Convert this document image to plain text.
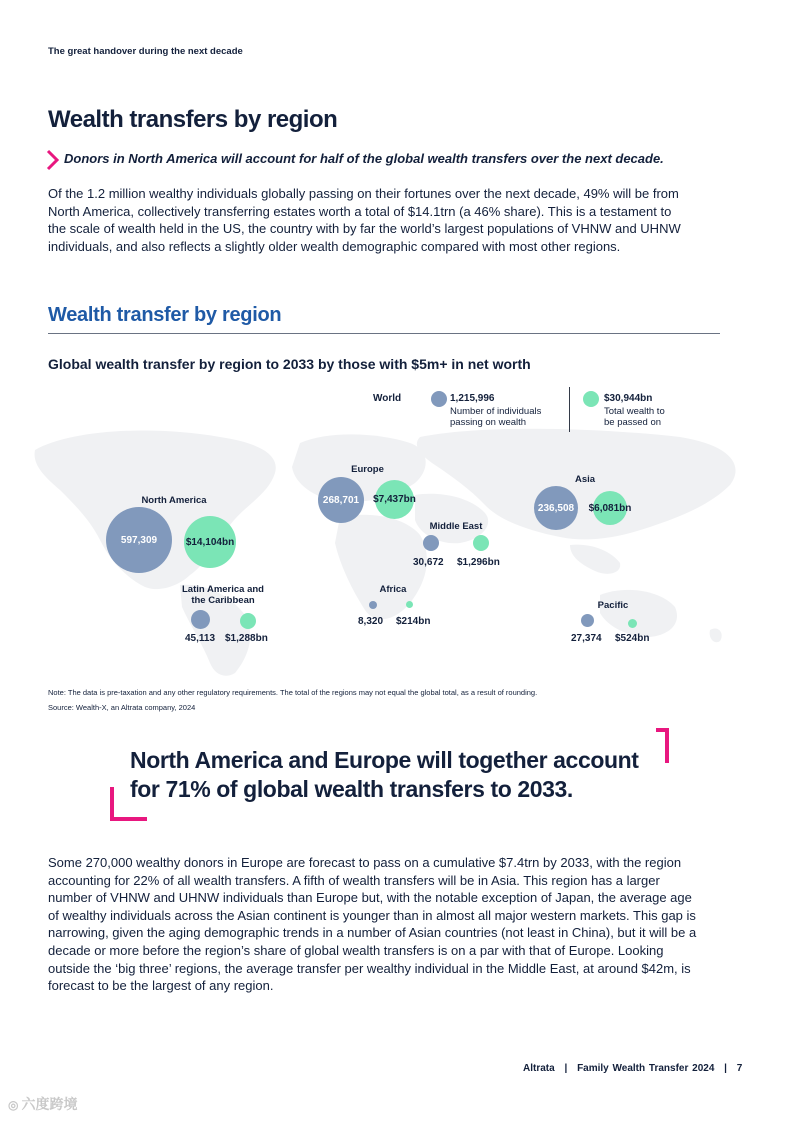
The great handover during the next decade
Wealth transfers by region
Donors in North America will account for half of the global wealth transfers over the next decade.

Of the 1.2 million wealthy individuals globally passing on their fortunes over the next decade, 49% will be from North America, collectively transferring estates worth a total of $14.1trn (a 46% share). This is a testament to the scale of wealth held in the US, the country with by far the world’s largest populations of VHNW and UHNW individuals, and also reflects a slightly older wealth demographic compared with most other regions.

Wealth transfer by region
Global wealth transfer by region to 2033 by those with $5m+ in net worth
World	1,215,996
Number of individuals
passing on wealth
$30,944bn
Total wealth to
be passed on
North America
597,309	$14,104bn
Europe
268,701 $7,437bn
Asia
236,508 $6,081bn
Middle East
30,672 $1,296bn
Latin America and
the Caribbean
45,113 $1,288bn
Africa
8,320 $214bn
Pacific
27,374 $524bn
Note: The data is pre-taxation and any other regulatory requirements. The total of the regions may not equal the global total, as a result of rounding.
Source: Wealth-X, an Altrata company, 2024
North America and Europe will together account
for 71% of global wealth transfers to 2033.

Some 270,000 wealthy donors in Europe are forecast to pass on a cumulative $7.4trn by 2033, with the region accounting for 22% of all wealth transfers. A fifth of wealth transfers will be in Asia. This region has a larger number of VHNW and UHNW individuals than Europe but, with the notable exception of Japan, the average age of wealthy individuals across the Asian continent is younger than in almost all major western markets. This gap is narrowing, given the aging demographic trends in a number of Asian countries (not least in China), but it will be a decade or more before the region’s share of global wealth transfers is on a par with that of Europe. Looking outside the ‘big three’ regions, the average transfer per wealthy individual in the Middle East, at around $42m, is forecast to be the largest of any region.

Altrata | Family Wealth Transfer 2024 | 7
◎ 六度跨境
